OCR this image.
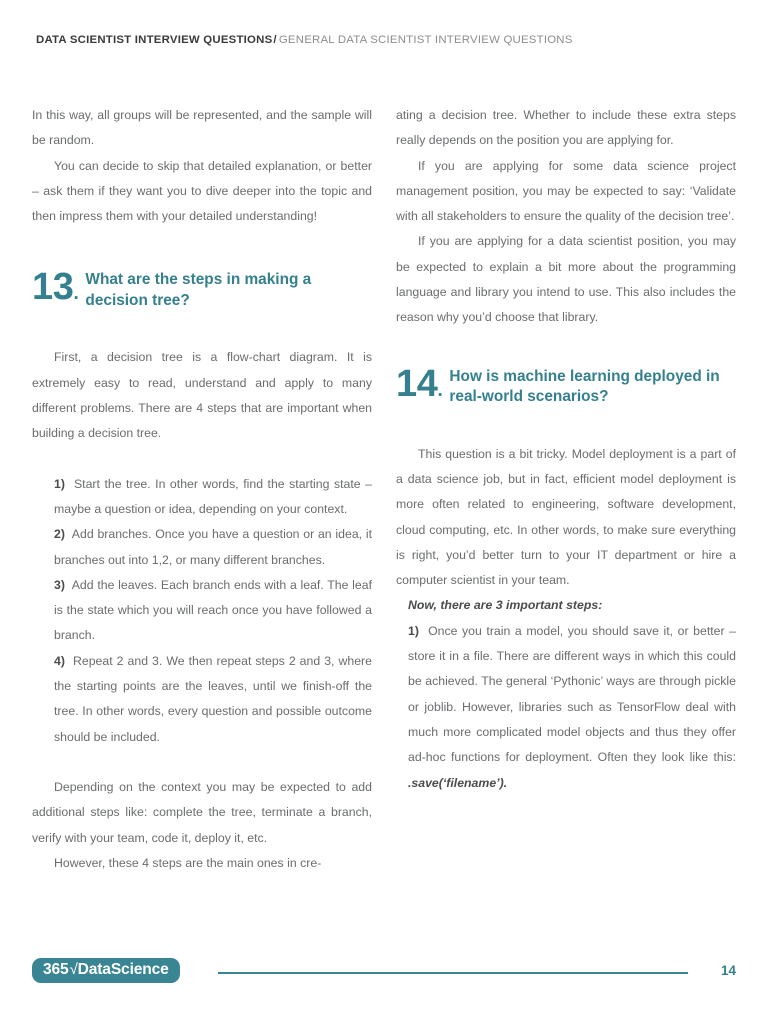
DATA SCIENTIST INTERVIEW QUESTIONS/ GENERAL DATA SCIENTIST INTERVIEW QUESTIONS

In this way, all groups will be represented, and the sample will be random.

You can decide to skip that detailed explanation, or better – ask them if they want you to dive deeper into the topic and then impress them with your detailed understanding!

13.
What are the steps in making a decision tree?

First, a decision tree is a flow-chart diagram. It is extremely easy to read, understand and apply to many different problems. There are 4 steps that are important when building a decision tree.

1) Start the tree. In other words, find the starting state – maybe a question or idea, depending on your context.

2) Add branches. Once you have a question or an idea, it branches out into 1,2, or many different branches.

3) Add the leaves. Each branch ends with a leaf. The leaf is the state which you will reach once you have followed a branch.

4) Repeat 2 and 3. We then repeat steps 2 and 3, where the starting points are the leaves, until we finish-off the tree. In other words, every question and possible outcome should be included.

Depending on the context you may be expected to add additional steps like: complete the tree, terminate a branch, verify with your team, code it, deploy it, etc.

However, these 4 steps are the main ones in cre-

ating a decision tree. Whether to include these extra steps really depends on the position you are applying for.

If you are applying for some data science project management position, you may be expected to say: ‘Validate with all stakeholders to ensure the quality of the decision tree’.

If you are applying for a data scientist position, you may be expected to explain a bit more about the programming language and library you intend to use. This also includes the reason why you’d choose that library.

14.
How is machine learning deployed in real-world scenarios?

This question is a bit tricky. Model deployment is a part of a data science job, but in fact, efficient model deployment is more often related to engineering, software development, cloud computing, etc. In other words, to make sure everything is right, you’d better turn to your IT department or hire a computer scientist in your team.

Now, there are 3 important steps:

1) Once you train a model, you should save it, or better – store it in a file. There are different ways in which this could be achieved. The general ‘Pythonic’ ways are through pickle or joblib. However, libraries such as TensorFlow deal with much more complicated model objects and thus they offer ad-hoc functions for deployment. Often they look like this: .save(‘filename’).

365√DataScience	14
